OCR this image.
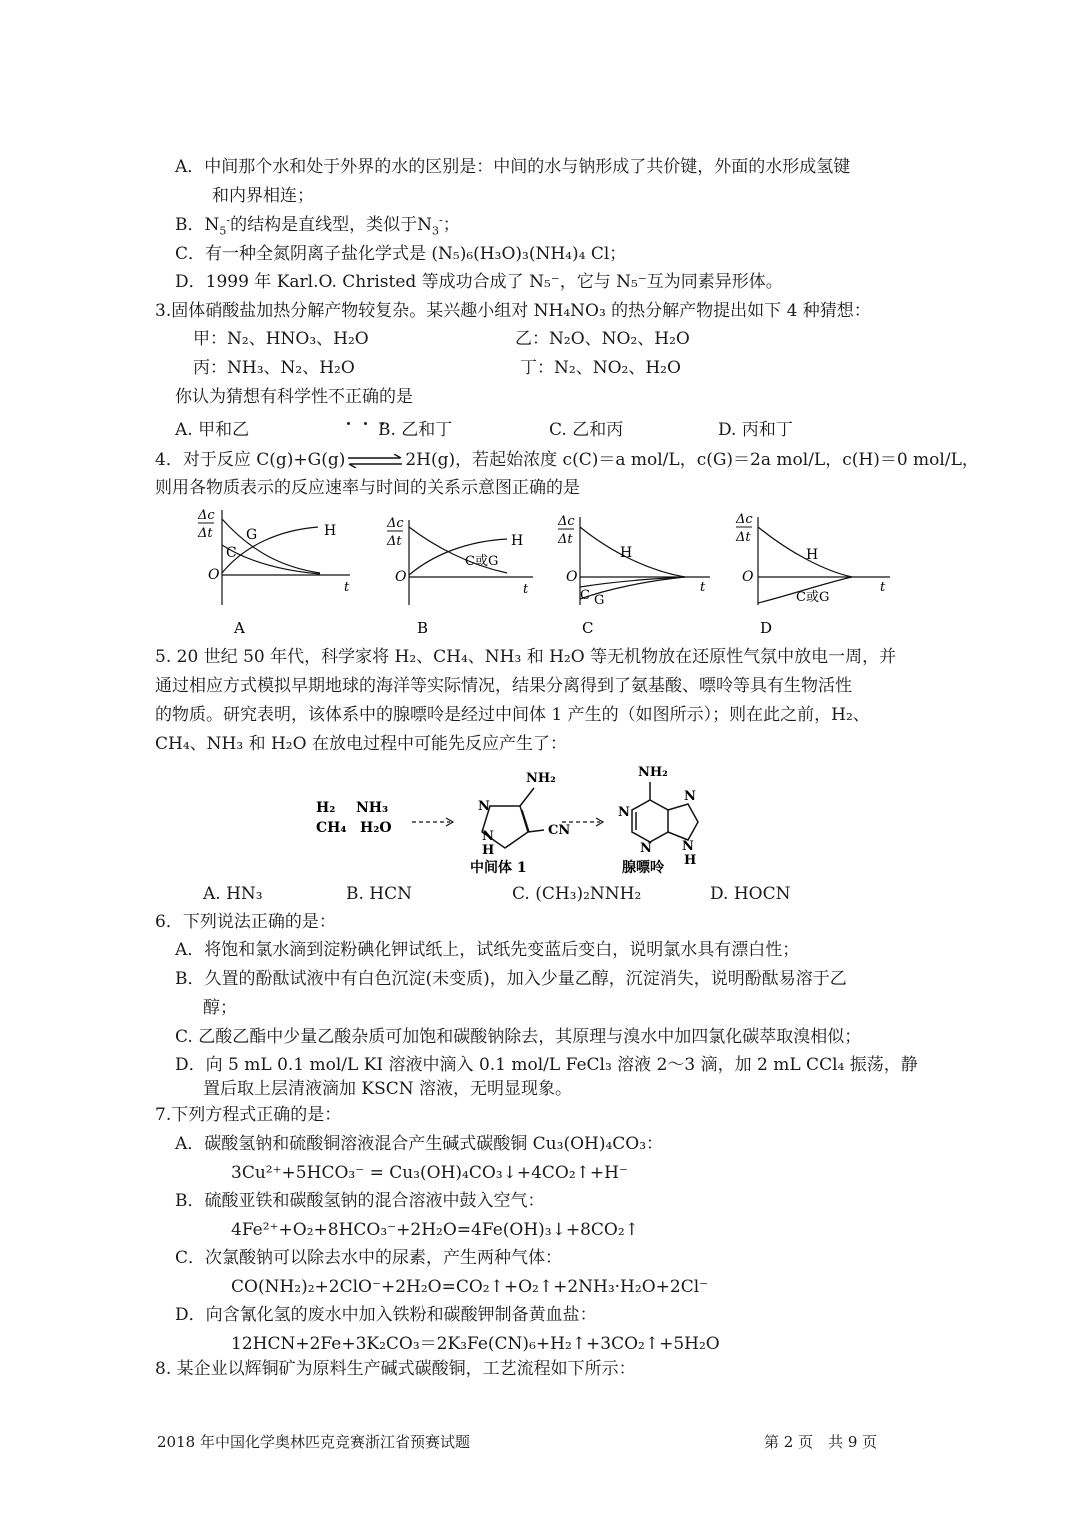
A．中间那个水和处于外界的水的区别是：中间的水与钠形成了共价键，外面的水形成氢键
和内界相连；
B．$N_5^-$的结构是直线型，类似于$N_3^-$；
C．有一种全氮阴离子盐化学式是 (N₅)₆(H₃O)₃(NH₄)₄ Cl；
D．1999 年 Karl.O. Christed 等成功合成了 N₅⁻，它与 N₅⁻互为同素异形体。
3.固体硝酸盐加热分解产物较复杂。某兴趣小组对 NH₄NO₃ 的热分解产物提出如下 4 种猜想：
甲：N₂、HNO₃、H₂O	乙：N₂O、NO₂、H₂O
丙：NH₃、N₂、H₂O	丁：N₂、NO₂、H₂O
你认为猜想有科学性不正确的是
A. 甲和乙	B. 乙和丁	C. 乙和丙	D. 丙和丁
4．对于反应 C(g)+G(g)⇌2H(g)，若起始浓度 c(C)＝a mol/L，c(G)＝2a mol/L，c(H)＝0 mol/L，
则用各物质表示的反应速率与时间的关系示意图正确的是
Δc
Δt
O
t
H
G
C
A
Δc
Δt
O
t
H
C或G
B
Δc
Δt
O
t
H
C G
C
Δc
Δt
O
t
H
C或G
D
5. 20 世纪 50 年代，科学家将 H₂、CH₄、NH₃ 和 H₂O 等无机物放在还原性气氛中放电一周，并
通过相应方式模拟早期地球的海洋等实际情况，结果分离得到了氨基酸、嘌呤等具有生物活性
的物质。研究表明，该体系中的腺嘌呤是经过中间体 1 产生的（如图所示）；则在此之前，H₂、
CH₄、NH₃ 和 H₂O 在放电过程中可能先反应产生了：
H₂ NH₃
CH₄ H₂O
NH₂
N
N
H
CN
中间体 1
NH₂
N
N
N
N
H
腺嘌呤
A. HN₃	B. HCN	C. (CH₃)₂NNH₂	D. HOCN
6．下列说法正确的是：
A．将饱和氯水滴到淀粉碘化钾试纸上，试纸先变蓝后变白，说明氯水具有漂白性；
B．久置的酚酞试液中有白色沉淀(未变质)，加入少量乙醇，沉淀消失，说明酚酞易溶于乙
醇；
C. 乙酸乙酯中少量乙酸杂质可加饱和碳酸钠除去，其原理与溴水中加四氯化碳萃取溴相似；
D．向 5 mL 0.1 mol/L KI 溶液中滴入 0.1 mol/L FeCl₃ 溶液 2～3 滴，加 2 mL CCl₄ 振荡，静
置后取上层清液滴加 KSCN 溶液，无明显现象。
7.下列方程式正确的是：
A．碳酸氢钠和硫酸铜溶液混合产生碱式碳酸铜 Cu₃(OH)₄CO₃：
3Cu²⁺+5HCO₃⁻ = Cu₃(OH)₄CO₃↓+4CO₂↑+H⁻
B．硫酸亚铁和碳酸氢钠的混合溶液中鼓入空气：
4Fe²⁺+O₂+8HCO₃⁻+2H₂O=4Fe(OH)₃↓+8CO₂↑
C．次氯酸钠可以除去水中的尿素，产生两种气体：
CO(NH₂)₂+2ClO⁻+2H₂O=CO₂↑+O₂↑+2NH₃·H₂O+2Cl⁻
D．向含氰化氢的废水中加入铁粉和碳酸钾制备黄血盐：
12HCN+2Fe+3K₂CO₃＝2K₃Fe(CN)₆+H₂↑+3CO₂↑+5H₂O
8. 某企业以辉铜矿为原料生产碱式碳酸铜，工艺流程如下所示：
2018 年中国化学奥林匹克竞赛浙江省预赛试题	第 2 页　共 9 页
